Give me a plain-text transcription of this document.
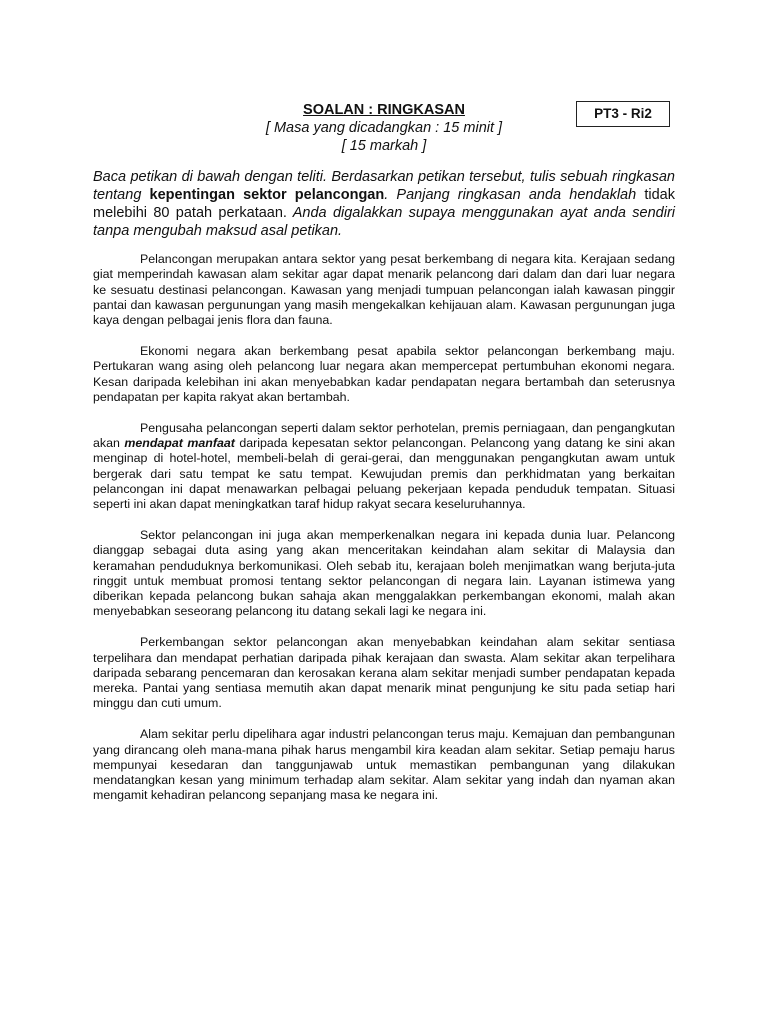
SOALAN : RINGKASAN
[ Masa yang dicadangkan : 15 minit ]
[ 15 markah ]
PT3 - Ri2
Baca petikan di bawah dengan teliti. Berdasarkan petikan tersebut, tulis sebuah ringkasan tentang kepentingan sektor pelancongan. Panjang ringkasan anda hendaklah tidak melebihi 80 patah perkataan. Anda digalakkan supaya menggunakan ayat anda sendiri tanpa mengubah maksud asal petikan.

Pelancongan merupakan antara sektor yang pesat berkembang di negara kita. Kerajaan sedang giat memperindah kawasan alam sekitar agar dapat menarik pelancong dari dalam dan dari luar negara ke sesuatu destinasi pelancongan. Kawasan yang menjadi tumpuan pelancongan ialah kawasan pinggir pantai dan kawasan pergunungan yang masih mengekalkan kehijauan alam. Kawasan pergunungan juga kaya dengan pelbagai jenis flora dan fauna.

Ekonomi negara akan berkembang pesat apabila sektor pelancongan berkembang maju. Pertukaran wang asing oleh pelancong luar negara akan mempercepat pertumbuhan ekonomi negara. Kesan daripada kelebihan ini akan menyebabkan kadar pendapatan negara bertambah dan seterusnya pendapatan per kapita rakyat akan bertambah.

Pengusaha pelancongan seperti dalam sektor perhotelan, premis perniagaan, dan pengangkutan akan mendapat manfaat daripada kepesatan sektor pelancongan. Pelancong yang datang ke sini akan menginap di hotel-hotel, membeli-belah di gerai-gerai, dan menggunakan pengangkutan awam untuk bergerak dari satu tempat ke satu tempat. Kewujudan premis dan perkhidmatan yang berkaitan pelancongan ini dapat menawarkan pelbagai peluang pekerjaan kepada penduduk tempatan. Situasi seperti ini akan dapat meningkatkan taraf hidup rakyat secara keseluruhannya.

Sektor pelancongan ini juga akan memperkenalkan negara ini kepada dunia luar. Pelancong dianggap sebagai duta asing yang akan menceritakan keindahan alam sekitar di Malaysia dan keramahan penduduknya berkomunikasi. Oleh sebab itu, kerajaan boleh menjimatkan wang berjuta-juta ringgit untuk membuat promosi tentang sektor pelancongan di negara lain. Layanan istimewa yang diberikan kepada pelancong bukan sahaja akan menggalakkan perkembangan ekonomi, malah akan menyebabkan seseorang pelancong itu datang sekali lagi ke negara ini.

Perkembangan sektor pelancongan akan menyebabkan keindahan alam sekitar sentiasa terpelihara dan mendapat perhatian daripada pihak kerajaan dan swasta. Alam sekitar akan terpelihara daripada sebarang pencemaran dan kerosakan kerana alam sekitar menjadi sumber pendapatan kepada mereka. Pantai yang sentiasa memutih akan dapat menarik minat pengunjung ke situ pada setiap hari minggu dan cuti umum.

Alam sekitar perlu dipelihara agar industri pelancongan terus maju. Kemajuan dan pembangunan yang dirancang oleh mana-mana pihak harus mengambil kira keadan alam sekitar. Setiap pemaju harus mempunyai kesedaran dan tanggunjawab untuk memastikan pembangunan yang dilakukan mendatangkan kesan yang minimum terhadap alam sekitar. Alam sekitar yang indah dan nyaman akan mengamit kehadiran pelancong sepanjang masa ke negara ini.
